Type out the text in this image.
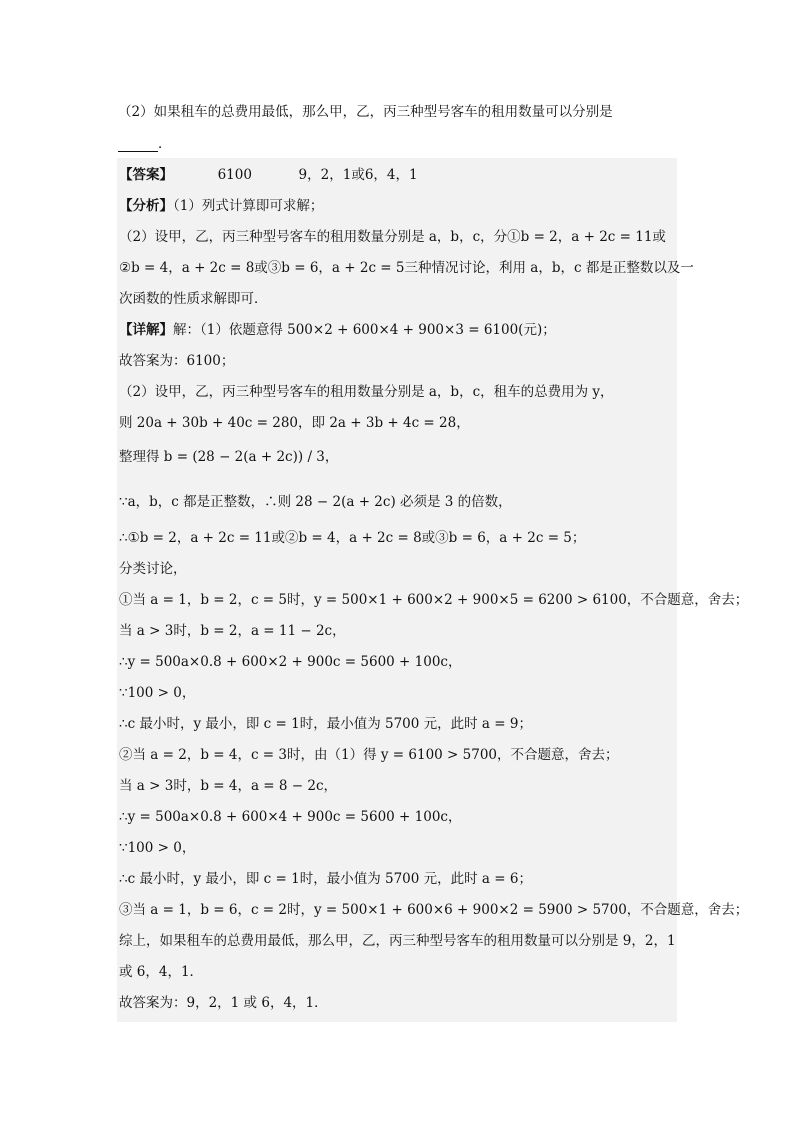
（2）如果租车的总费用最低，那么甲，乙，丙三种型号客车的租用数量可以分别是
．
【答案】	6100	9，2，1或6，4，1
【分析】（1）列式计算即可求解；
（2）设甲，乙，丙三种型号客车的租用数量分别是 a，b，c，分①b = 2，a + 2c = 11或
②b = 4，a + 2c = 8或③b = 6，a + 2c = 5三种情况讨论，利用 a，b，c 都是正整数以及一
次函数的性质求解即可．
【详解】解：（1）依题意得 500×2 + 600×4 + 900×3 = 6100(元)；
故答案为：6100；
（2）设甲，乙，丙三种型号客车的租用数量分别是 a，b，c，租车的总费用为 y，
则 20a + 30b + 40c = 280，即 2a + 3b + 4c = 28，
整理得 b = (28 − 2(a + 2c)) / 3，
∵a，b，c 都是正整数，∴则 28 − 2(a + 2c) 必须是 3 的倍数，
∴①b = 2，a + 2c = 11或②b = 4，a + 2c = 8或③b = 6，a + 2c = 5；
分类讨论，
①当 a = 1，b = 2，c = 5时，y = 500×1 + 600×2 + 900×5 = 6200 > 6100，不合题意，舍去；
当 a > 3时，b = 2，a = 11 − 2c，
∴y = 500a×0.8 + 600×2 + 900c = 5600 + 100c，
∵100 > 0，
∴c 最小时，y 最小，即 c = 1时，最小值为 5700 元，此时 a = 9；
②当 a = 2，b = 4，c = 3时，由（1）得 y = 6100 > 5700，不合题意，舍去；
当 a > 3时，b = 4，a = 8 − 2c，
∴y = 500a×0.8 + 600×4 + 900c = 5600 + 100c，
∵100 > 0，
∴c 最小时，y 最小，即 c = 1时，最小值为 5700 元，此时 a = 6；
③当 a = 1，b = 6，c = 2时，y = 500×1 + 600×6 + 900×2 = 5900 > 5700，不合题意，舍去；
综上，如果租车的总费用最低，那么甲，乙，丙三种型号客车的租用数量可以分别是 9，2，1
或 6，4，1．
故答案为：9，2，1 或 6，4，1．
